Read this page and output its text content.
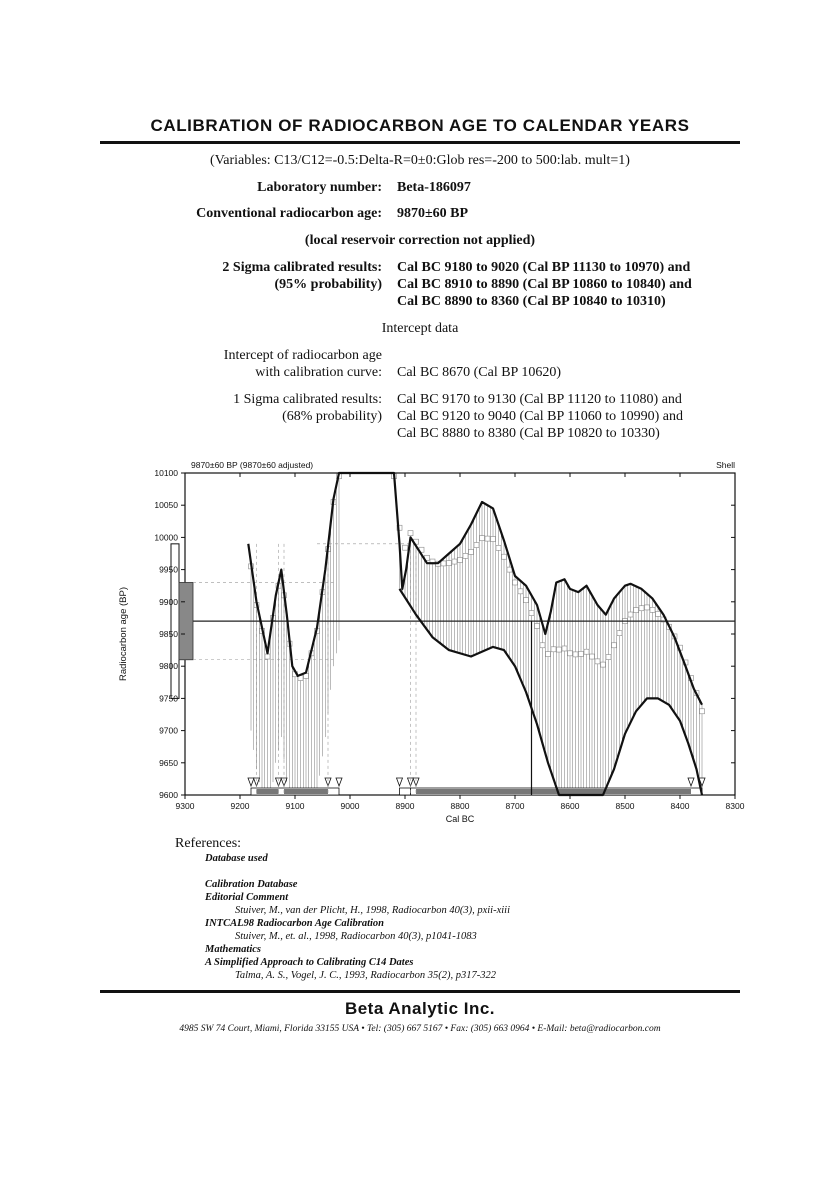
CALIBRATION OF RADIOCARBON AGE TO CALENDAR YEARS
(Variables: C13/C12=-0.5:Delta-R=0±0:Glob res=-200 to 500:lab. mult=1)
Laboratory number: Beta-186097
Conventional radiocarbon age: 9870±60 BP
(local reservoir correction not applied)
2 Sigma calibrated results:
(95% probability)
Cal BC 9180 to 9020 (Cal BP 11130 to 10970) and
Cal BC 8910 to 8890 (Cal BP 10860 to 10840) and
Cal BC 8890 to 8360 (Cal BP 10840 to 10310)
Intercept data
Intercept of radiocarbon age
with calibration curve: Cal BC 8670 (Cal BP 10620)
1 Sigma calibrated results:
(68% probability)
Cal BC 9170 to 9130 (Cal BP 11120 to 11080) and
Cal BC 9120 to 9040 (Cal BP 11060 to 10990) and
Cal BC 8880 to 8380 (Cal BP 10820 to 10330)
9300	9200	9100	9000	8900	8800	8700	8600	8500	8400	8300
9600
9650
9700
9750
9800
9850
9900
9950
10000
10050
10100
9870±60 BP (9870±60 adjusted)	Shell
Cal BC
Radiocarbon age (BP)
References:
Database used
Calibration Database
Editorial Comment
Stuiver, M., van der Plicht, H., 1998, Radiocarbon 40(3), pxii-xiii
INTCAL98 Radiocarbon Age Calibration
Stuiver, M., et. al., 1998, Radiocarbon 40(3), p1041-1083
Mathematics
A Simplified Approach to Calibrating C14 Dates
Talma, A. S., Vogel, J. C., 1993, Radiocarbon 35(2), p317-322
Beta Analytic Inc.
4985 SW 74 Court, Miami, Florida 33155 USA • Tel: (305) 667 5167 • Fax: (305) 663 0964 • E-Mail: beta@radiocarbon.com
